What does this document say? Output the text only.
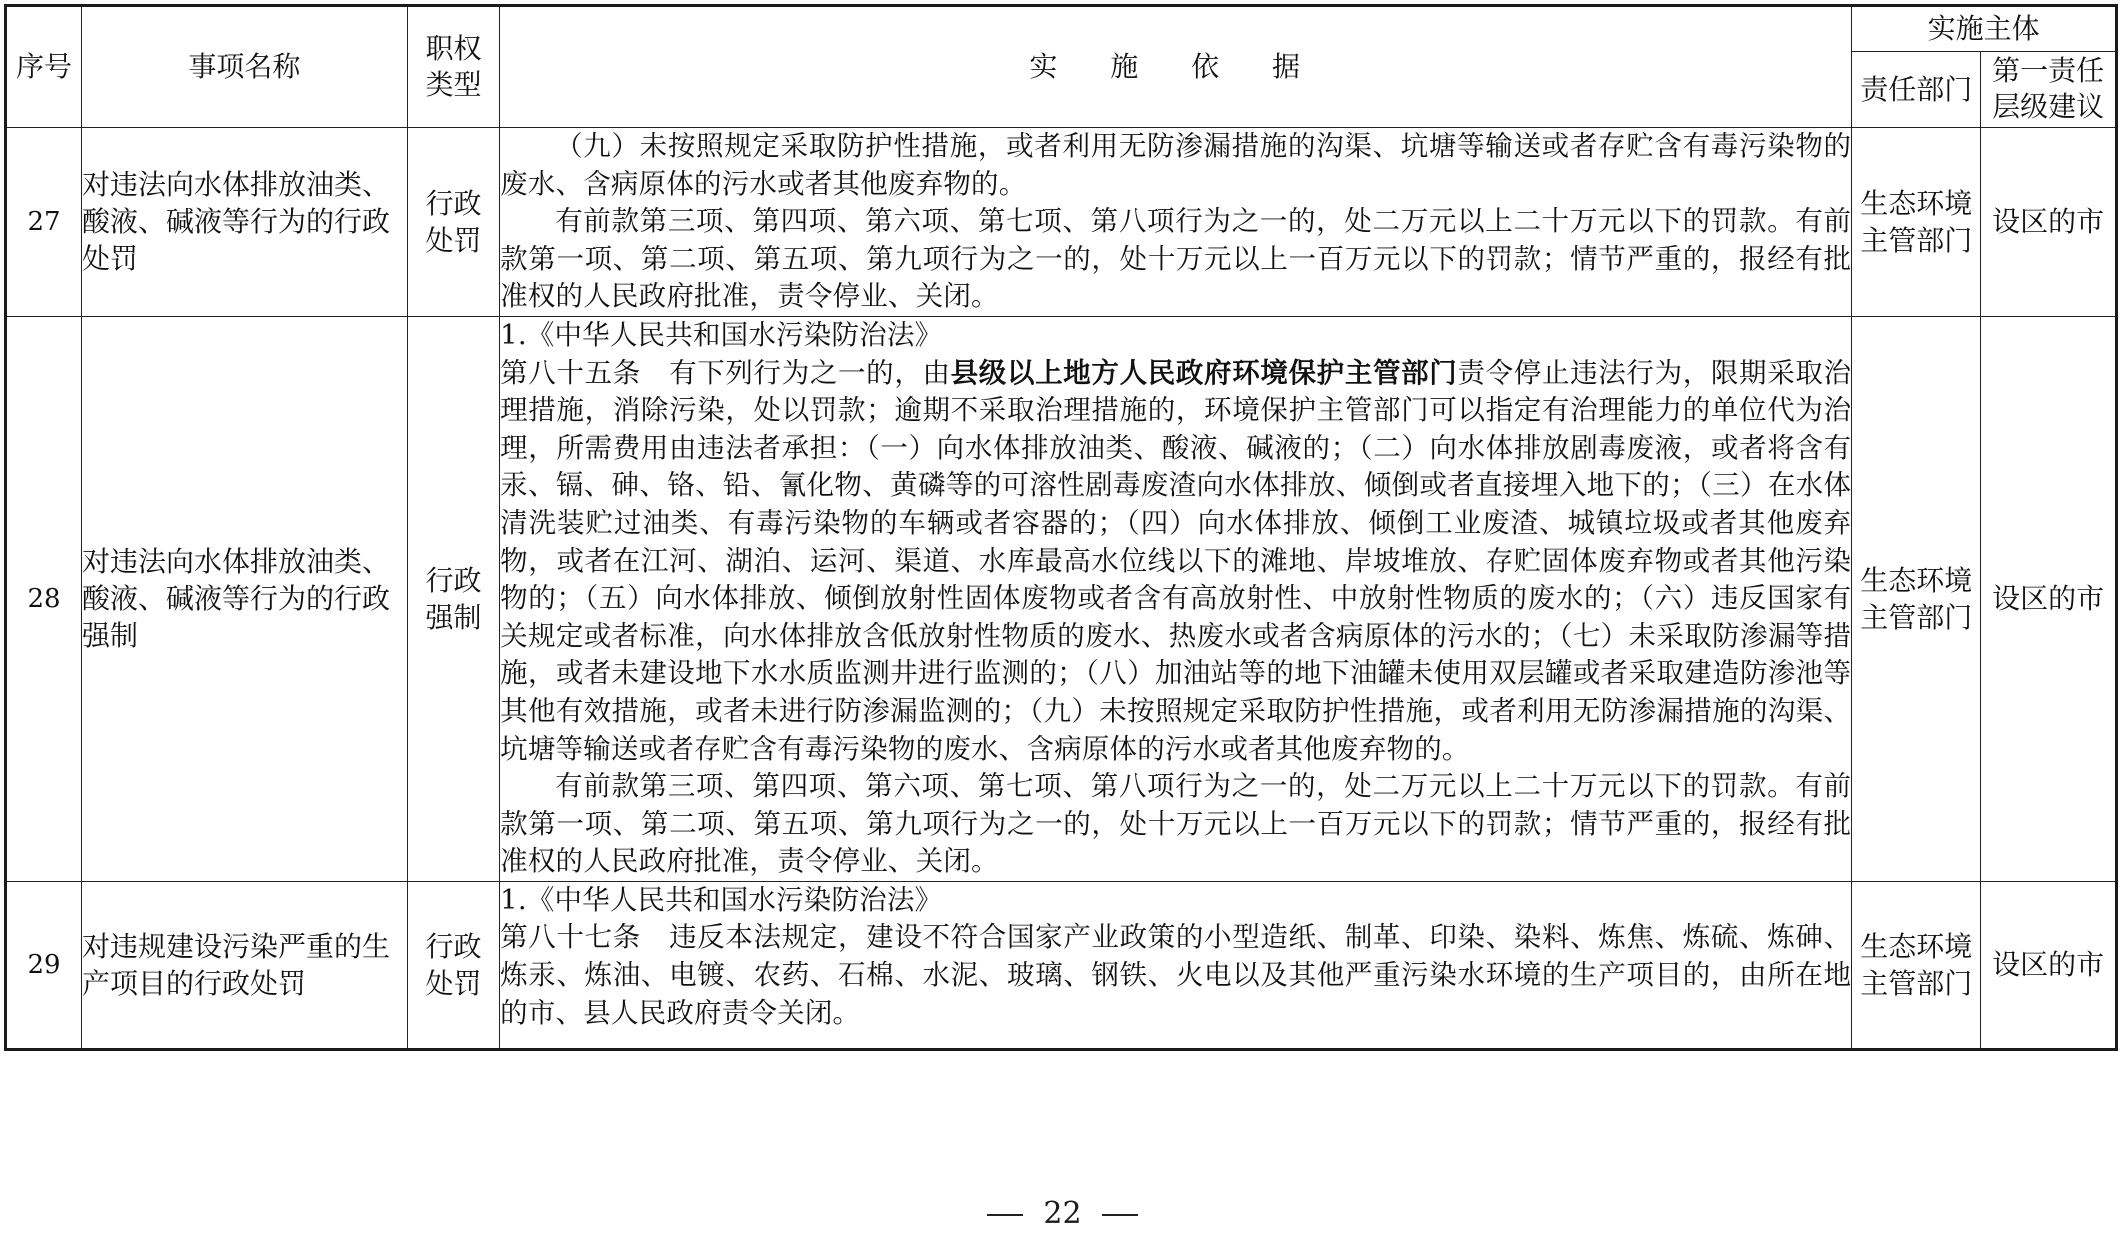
序号	事项名称	职权类型	实 施 依 据	实施主体	
				责任部门	第一责任层级建议
27	对违法向水体排放油类、酸液、碱液等行为的行政处罚	行政处罚	（九）未按照规定采取防护性措施，或者利用无防渗漏措施的沟渠、坑塘等输送或者存贮含有毒污染物的废水、含病原体的污水或者其他废弃物的。

有前款第三项、第四项、第六项、第七项、第八项行为之一的，处二万元以上二十万元以下的罚款。有前款第一项、第二项、第五项、第九项行为之一的，处十万元以上一百万元以下的罚款；情节严重的，报经有批准权的人民政府批准，责令停业、关闭。	生态环境主管部门	设区的市
28	对违法向水体排放油类、酸液、碱液等行为的行政强制	行政强制	1.《中华人民共和国水污染防治法》

第八十五条　有下列行为之一的，由县级以上地方人民政府环境保护主管部门责令停止违法行为，限期采取治理措施，消除污染，处以罚款；逾期不采取治理措施的，环境保护主管部门可以指定有治理能力的单位代为治理，所需费用由违法者承担：（一）向水体排放油类、酸液、碱液的；（二）向水体排放剧毒废液，或者将含有汞、镉、砷、铬、铅、氰化物、黄磷等的可溶性剧毒废渣向水体排放、倾倒或者直接埋入地下的；（三）在水体清洗装贮过油类、有毒污染物的车辆或者容器的；（四）向水体排放、倾倒工业废渣、城镇垃圾或者其他废弃物，或者在江河、湖泊、运河、渠道、水库最高水位线以下的滩地、岸坡堆放、存贮固体废弃物或者其他污染物的；（五）向水体排放、倾倒放射性固体废物或者含有高放射性、中放射性物质的废水的；（六）违反国家有关规定或者标准，向水体排放含低放射性物质的废水、热废水或者含病原体的污水的；（七）未采取防渗漏等措施，或者未建设地下水水质监测井进行监测的；（八）加油站等的地下油罐未使用双层罐或者采取建造防渗池等其他有效措施，或者未进行防渗漏监测的；（九）未按照规定采取防护性措施，或者利用无防渗漏措施的沟渠、坑塘等输送或者存贮含有毒污染物的废水、含病原体的污水或者其他废弃物的。

有前款第三项、第四项、第六项、第七项、第八项行为之一的，处二万元以上二十万元以下的罚款。有前款第一项、第二项、第五项、第九项行为之一的，处十万元以上一百万元以下的罚款；情节严重的，报经有批准权的人民政府批准，责令停业、关闭。	生态环境主管部门	设区的市
29	对违规建设污染严重的生产项目的行政处罚	行政处罚	1.《中华人民共和国水污染防治法》

第八十七条　违反本法规定，建设不符合国家产业政策的小型造纸、制革、印染、染料、炼焦、炼硫、炼砷、炼汞、炼油、电镀、农药、石棉、水泥、玻璃、钢铁、火电以及其他严重污染水环境的生产项目的，由所在地的市、县人民政府责令关闭。	生态环境主管部门	设区的市
22
